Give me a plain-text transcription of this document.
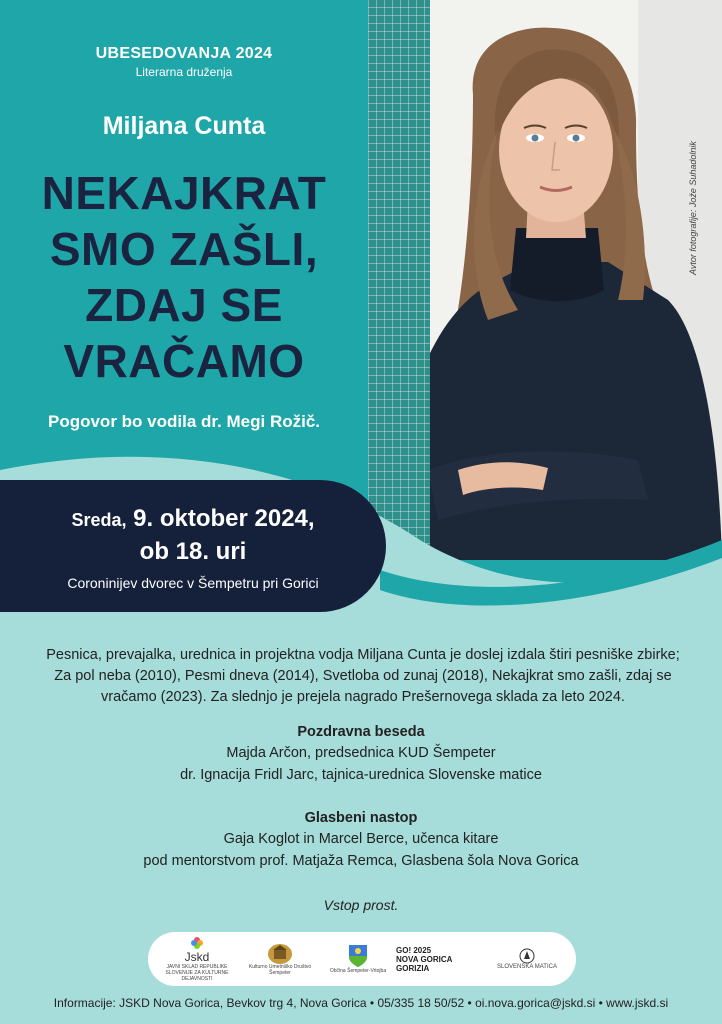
UBESEDOVANJA 2024
Literarna druženja
Miljana Cunta
NEKAJKRAT
SMO ZAŠLI,
ZDAJ SE
VRAČAMO
Pogovor bo vodila dr. Megi Rožič.
Avtor fotografije: Jože Suhadolnik
Sreda, 9. oktober 2024,
ob 18. uri
Coroninijev dvorec v Šempetru pri Gorici
Pesnica, prevajalka, urednica in projektna vodja Miljana Cunta je doslej izdala štiri pesniške zbirke; Za pol neba (2010), Pesmi dneva (2014), Svetloba od zunaj (2018), Nekajkrat smo zašli, zdaj se vračamo (2023). Za slednjo je prejela nagrado Prešernovega sklada za leto 2024.
Pozdravna beseda
Majda Arčon, predsednica KUD Šempeter
dr. Ignacija Fridl Jarc, tajnica-urednica Slovenske matice
Glasbeni nastop
Gaja Koglot in Marcel Berce, učenca kitare
pod mentorstvom prof. Matjaža Remca, Glasbena šola Nova Gorica
Vstop prost.
Jskd
JAVNI SKLAD REPUBLIKE SLOVENIJE ZA KULTURNE DEJAVNOSTI
Kulturno Umetniško Društvo Šempeter	Občina Šempeter-Vrtojba
GO! 2025
NOVA GORICA
GORIZIA	SLOVENSKA MATICA
Informacije: JSKD Nova Gorica, Bevkov trg 4, Nova Gorica • 05/335 18 50/52 • oi.nova.gorica@jskd.si • www.jskd.si
